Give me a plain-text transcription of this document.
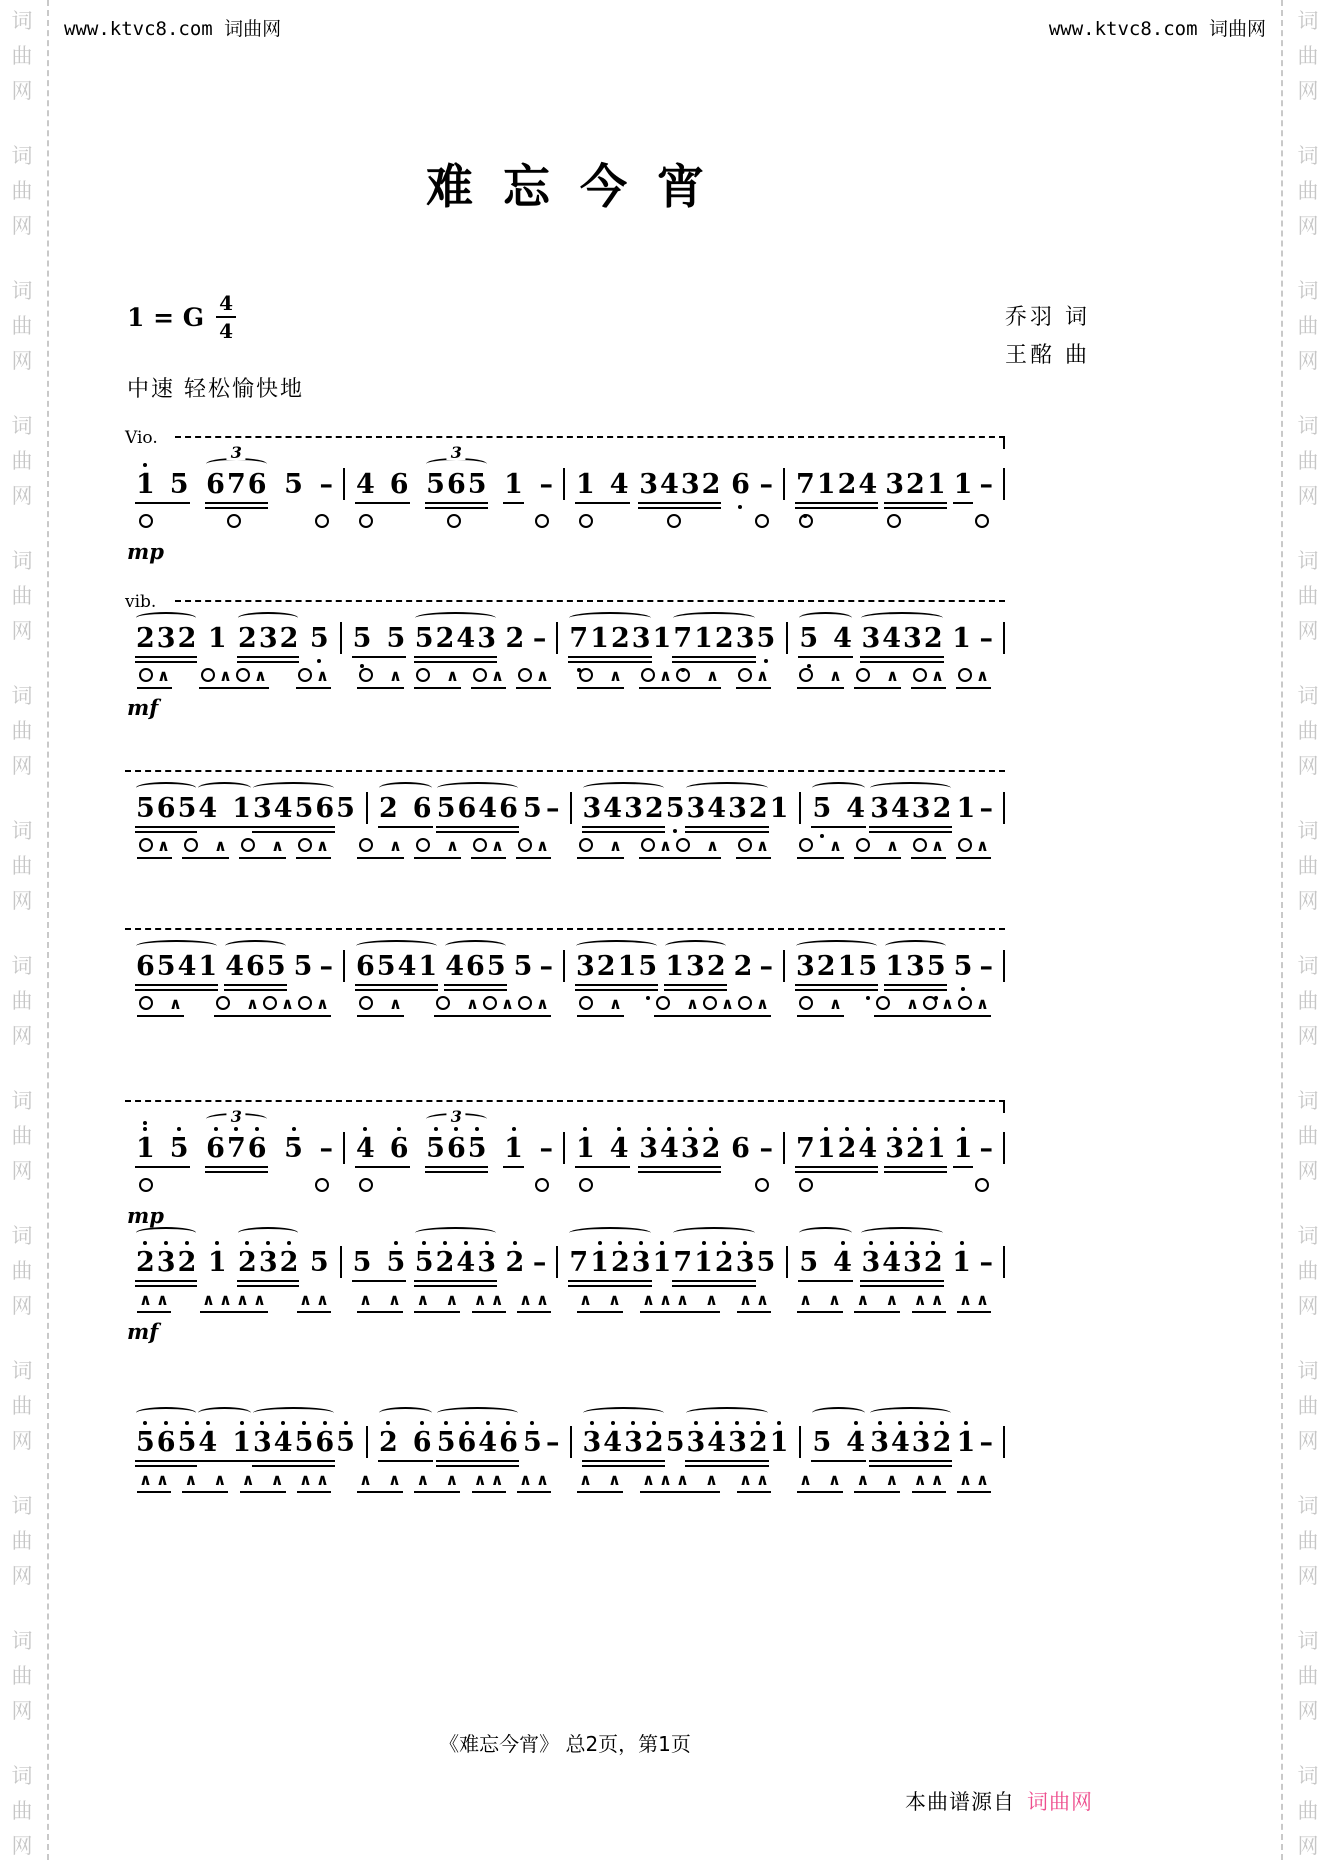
词
曲
网
词
曲
网
词
曲
网
词
曲
网
词
曲
网
词
曲
网
词
曲
网
词
曲
网
词
曲
网
词
曲
网
词
曲
网
词
曲
网
词
曲
网
词
曲
网
词
曲
网
词
曲
网
词
曲
网
词
曲
网
词
曲
网
词
曲
网
词
曲
网
词
曲
网
词
曲
网
词
曲
网
词
曲
网
词
曲
网
词
曲
网
词
曲
网
www.ktvc8.com 词曲网	www.ktvc8.com 词曲网
难忘今宵
1 = G $\frac{4}{4}$
中速 轻松愉快地
乔羽 词
王酩 曲
Vio.
1 5 6 7 6
3
5 – 4 6 5 6 5
3
1 – 1 4 3 4 3 2 6 – 7 1 2 4 3 2 1 1 –
mp
vib.
2 3 2 1 2 3 2 5 5 5 5 2 4 3 2 – 7 1 2 3 1 7 1 2 3 5 5 4 3 4 3 2 1 –
∧	∧ ∧	∧	∧	∧ ∧ ∧	∧ ∧ ∧ ∧	∧	∧ ∧ ∧
mf
5 6 5 4 1 3 4 5 6 5 2 6 5 6 4 6 5 – 3 4 3 2 5 3 4 3 2 1 5 4 3 4 3 2 1 –
∧	∧	∧ ∧	∧	∧ ∧ ∧	∧ ∧ ∧ ∧	∧	∧ ∧ ∧
6 5 4 1 4 6 5 5 – 6 5 4 1 4 6 5 5 – 3 2 1 5 1 3 2 2 – 3 2 1 5 1 3 5 5 –
∧	∧ ∧ ∧	∧	∧ ∧ ∧	∧	∧ ∧ ∧	∧	∧ ∧ ∧
1 5 6 7 6
3
5 – 4 6 5 6 5
3
1 – 1 4 3 4 3 2 6 – 7 1 2 4 3 2 1 1 –
mp
2 3 2 1 2 3 2 5 5 5 5 2 4 3 2 – 7 1 2 3 1 7 1 2 3 5 5 4 3 4 3 2 1 –
∧ ∧ ∧ ∧ ∧ ∧ ∧ ∧ ∧ ∧ ∧ ∧ ∧ ∧ ∧ ∧ ∧ ∧ ∧ ∧ ∧ ∧ ∧ ∧ ∧ ∧ ∧ ∧ ∧ ∧ ∧ ∧
mf
5 6 5 4 1 3 4 5 6 5 2 6 5 6 4 6 5 – 3 4 3 2 5 3 4 3 2 1 5 4 3 4 3 2 1 –
∧ ∧ ∧ ∧ ∧ ∧ ∧ ∧ ∧ ∧ ∧ ∧ ∧ ∧ ∧ ∧ ∧ ∧ ∧ ∧ ∧ ∧ ∧ ∧ ∧ ∧ ∧ ∧ ∧ ∧ ∧ ∧
《难忘今宵》 总2页，第1页
本曲谱源自 词曲网
